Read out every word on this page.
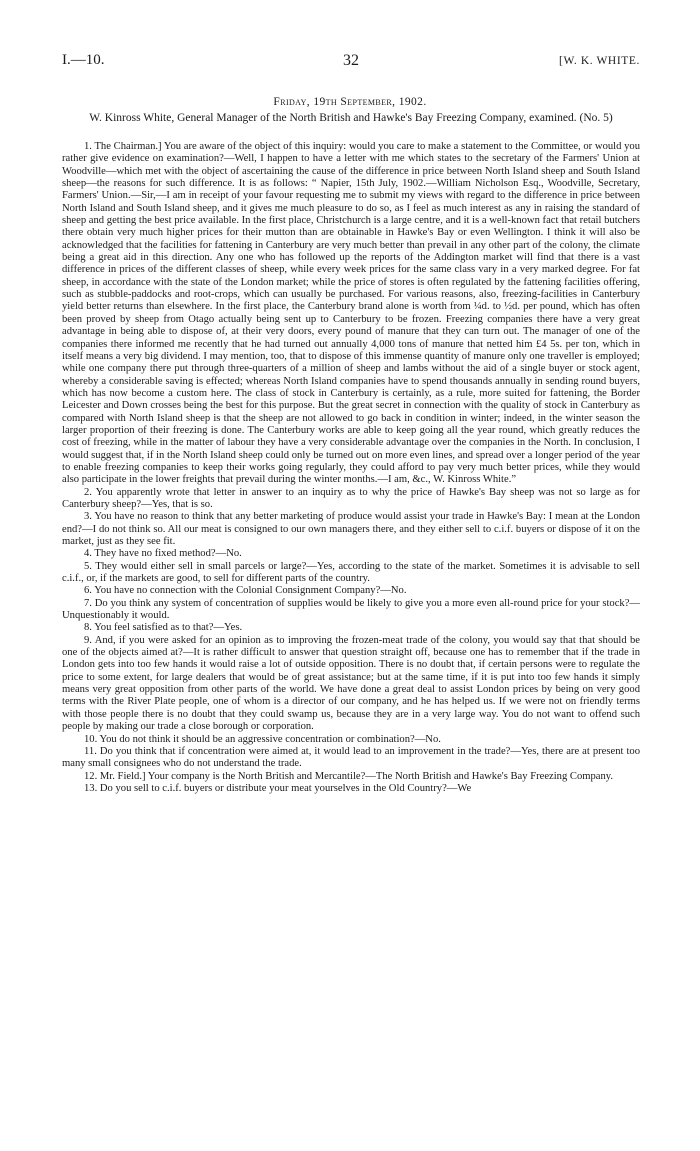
I.—10.	32	[W. K. WHITE.
Friday, 19th September, 1902.
W. Kinross White, General Manager of the North British and Hawke's Bay Freezing Company, examined. (No. 5)

1. The Chairman.] You are aware of the object of this inquiry: would you care to make a statement to the Committee, or would you rather give evidence on examination?—Well, I happen to have a letter with me which states to the secretary of the Farmers' Union at Woodville—which met with the object of ascertaining the cause of the difference in price between North Island sheep and South Island sheep—the reasons for such difference. It is as follows: “ Napier, 15th July, 1902.—William Nicholson Esq., Woodville, Secretary, Farmers' Union.—Sir,—I am in receipt of your favour requesting me to submit my views with regard to the difference in price between North Island and South Island sheep, and it gives me much pleasure to do so, as I feel as much interest as any in raising the standard of sheep and getting the best price available. In the first place, Christchurch is a large centre, and it is a well-known fact that retail butchers there obtain very much higher prices for their mutton than are obtainable in Hawke's Bay or even Wellington. I think it will also be acknowledged that the facilities for fattening in Canterbury are very much better than prevail in any other part of the colony, the climate being a great aid in this direction. Any one who has followed up the reports of the Addington market will find that there is a vast difference in prices of the different classes of sheep, while every week prices for the same class vary in a very marked degree. For fat sheep, in accordance with the state of the London market; while the price of stores is often regulated by the fattening facilities offering, such as stubble-paddocks and root-crops, which can usually be purchased. For various reasons, also, freezing-facilities in Canterbury yield better returns than elsewhere. In the first place, the Canterbury brand alone is worth from ¼d. to ½d. per pound, which has often been proved by sheep from Otago actually being sent up to Canterbury to be frozen. Freezing companies there have a very great advantage in being able to dispose of, at their very doors, every pound of manure that they can turn out. The manager of one of the companies there informed me recently that he had turned out annually 4,000 tons of manure that netted him £4 5s. per ton, which in itself means a very big dividend. I may mention, too, that to dispose of this immense quantity of manure only one traveller is employed; while one company there put through three-quarters of a million of sheep and lambs without the aid of a single buyer or stock agent, whereby a considerable saving is effected; whereas North Island companies have to spend thousands annually in sending round buyers, which has now become a custom here. The class of stock in Canterbury is certainly, as a rule, more suited for fattening, the Border Leicester and Down crosses being the best for this purpose. But the great secret in connection with the quality of stock in Canterbury as compared with North Island sheep is that the sheep are not allowed to go back in condition in winter; indeed, in the winter season the larger proportion of their freezing is done. The Canterbury works are able to keep going all the year round, which greatly reduces the cost of freezing, while in the matter of labour they have a very considerable advantage over the companies in the North. In conclusion, I would suggest that, if in the North Island sheep could only be turned out on more even lines, and spread over a longer period of the year to enable freezing companies to keep their works going regularly, they could afford to pay very much better prices, while they would also participate in the lower freights that prevail during the winter months.—I am, &c., W. Kinross White.”

2. You apparently wrote that letter in answer to an inquiry as to why the price of Hawke's Bay sheep was not so large as for Canterbury sheep?—Yes, that is so.

3. You have no reason to think that any better marketing of produce would assist your trade in Hawke's Bay: I mean at the London end?—I do not think so. All our meat is consigned to our own managers there, and they either sell to c.i.f. buyers or dispose of it on the market, just as they see fit.

4. They have no fixed method?—No.

5. They would either sell in small parcels or large?—Yes, according to the state of the market. Sometimes it is advisable to sell c.i.f., or, if the markets are good, to sell for different parts of the country.

6. You have no connection with the Colonial Consignment Company?—No.

7. Do you think any system of concentration of supplies would be likely to give you a more even all-round price for your stock?—Unquestionably it would.

8. You feel satisfied as to that?—Yes.

9. And, if you were asked for an opinion as to improving the frozen-meat trade of the colony, you would say that that should be one of the objects aimed at?—It is rather difficult to answer that question straight off, because one has to remember that if the trade in London gets into too few hands it would raise a lot of outside opposition. There is no doubt that, if certain persons were to regulate the price to some extent, for large dealers that would be of great assistance; but at the same time, if it is put into too few hands it simply means very great opposition from other parts of the world. We have done a great deal to assist London prices by being on very good terms with the River Plate people, one of whom is a director of our company, and he has helped us. If we were not on friendly terms with those people there is no doubt that they could swamp us, because they are in a very large way. You do not want to offend such people by making our trade a close borough or corporation.

10. You do not think it should be an aggressive concentration or combination?—No.

11. Do you think that if concentration were aimed at, it would lead to an improvement in the trade?—Yes, there are at present too many small consignees who do not understand the trade.

12. Mr. Field.] Your company is the North British and Mercantile?—The North British and Hawke's Bay Freezing Company.

13. Do you sell to c.i.f. buyers or distribute your meat yourselves in the Old Country?—We
